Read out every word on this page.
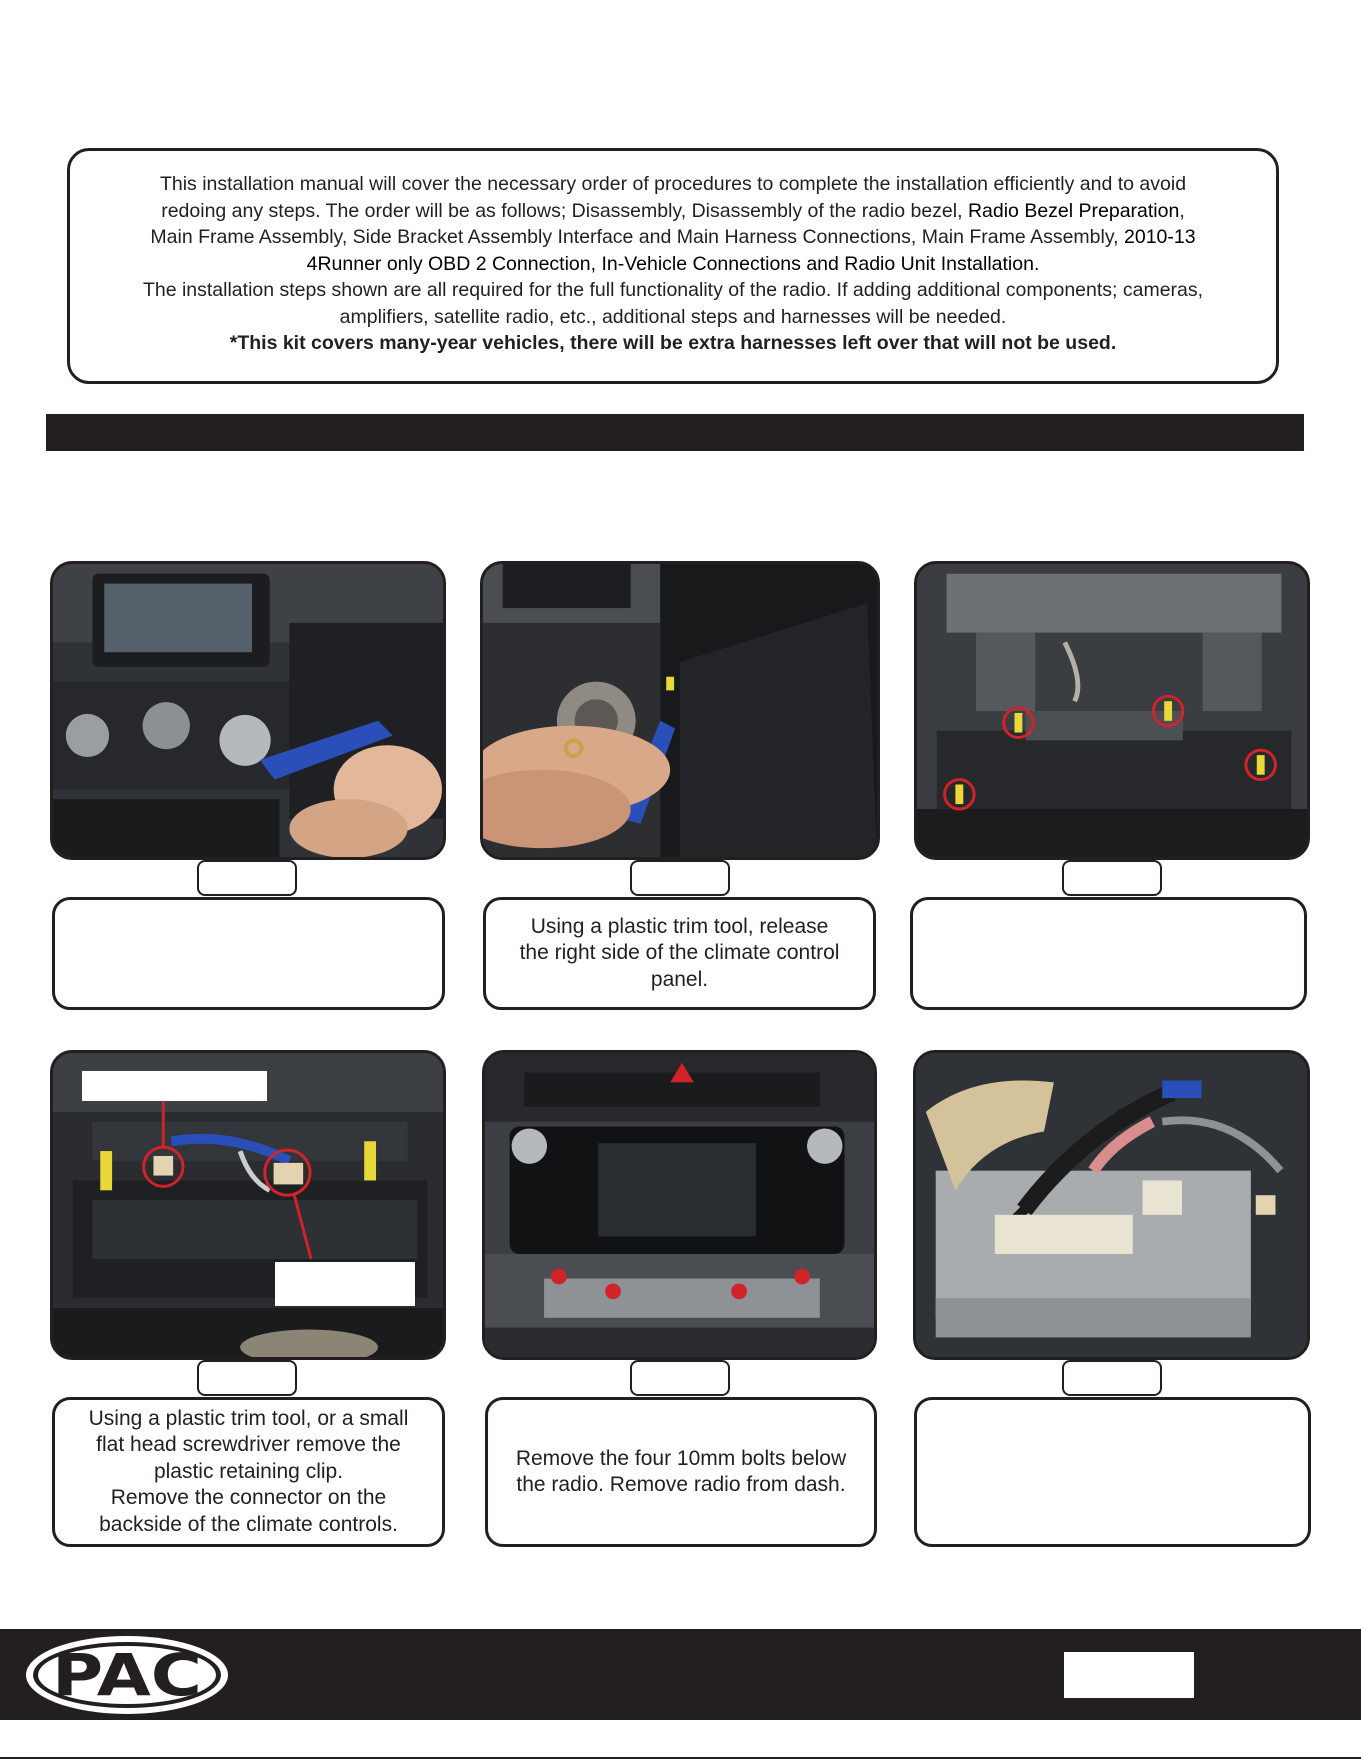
This installation manual will cover the necessary order of procedures to complete the installation efficiently and to avoid
redoing any steps. The order will be as follows; Disassembly, Disassembly of the radio bezel, Radio Bezel Preparation,
Main Frame Assembly, Side Bracket Assembly Interface and Main Harness Connections, Main Frame Assembly, 2010-13
4Runner only OBD 2 Connection, In-Vehicle Connections and Radio Unit Installation.
The installation steps shown are all required for the full functionality of the radio. If adding additional components; cameras,
amplifiers, satellite radio, etc., additional steps and harnesses will be needed.
*This kit covers many-year vehicles, there will be extra harnesses left over that will not be used.
Using a plastic trim tool, release
the right side of the climate control
panel.
Using a plastic trim tool, or a small
flat head screwdriver remove the
plastic retaining clip.
Remove the connector on the
backside of the climate controls.
Remove the four 10mm bolts below
the radio. Remove radio from dash.
PAC
